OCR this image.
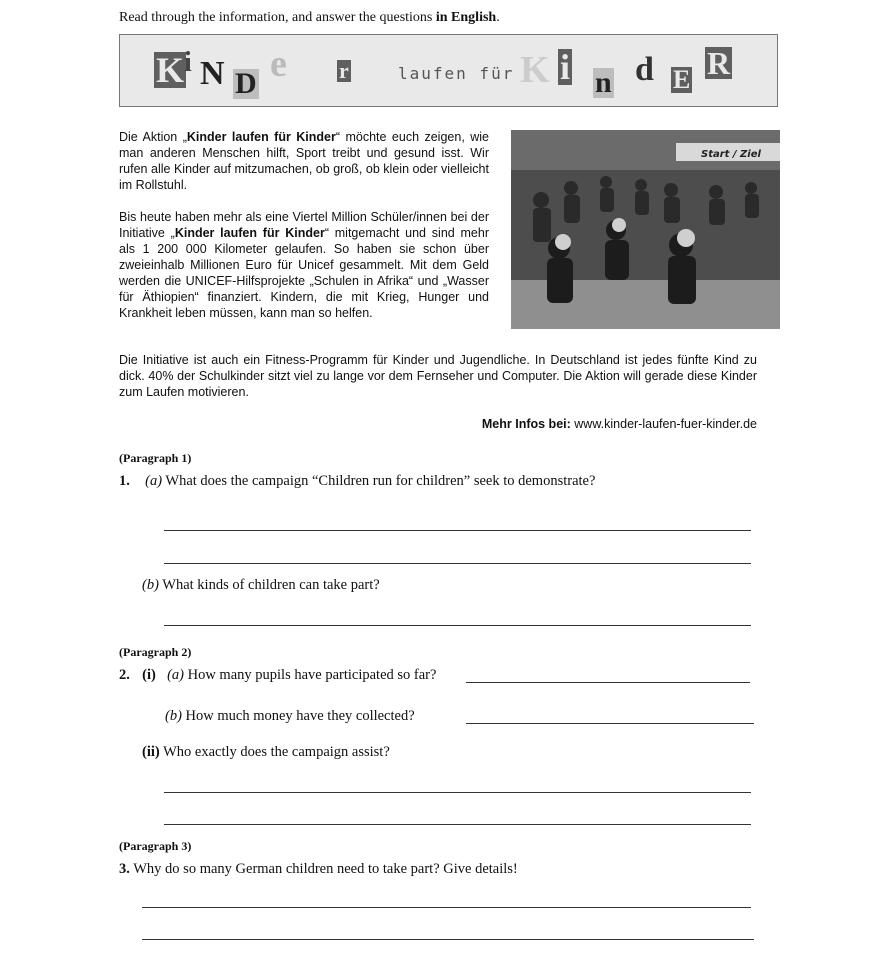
Read through the information, and answer the questions in English.
K i N D e r	laufen für K i n d E R
Die Aktion „Kinder laufen für Kinder“ möchte euch zeigen, wie man anderen Menschen hilft, Sport treibt und gesund isst. Wir rufen alle Kinder auf mitzumachen, ob groß, ob klein oder vielleicht im Rollstuhl.
Bis heute haben mehr als eine Viertel Million Schüler/innen bei der Initiative „Kinder laufen für Kinder“ mitgemacht und sind mehr als 1 200 000 Kilometer gelaufen. So haben sie schon über zweieinhalb Millionen Euro für Unicef gesammelt. Mit dem Geld werden die UNICEF-Hilfsprojekte „Schulen in Afrika“ und „Wasser für Äthiopien“ finanziert. Kindern, die mit Krieg, Hunger und Krankheit leben müssen, kann man so helfen.
Start / Ziel
Die Initiative ist auch ein Fitness-Programm für Kinder und Jugendliche. In Deutschland ist jedes fünfte Kind zu dick. 40% der Schulkinder sitzt viel zu lange vor dem Fernseher und Computer. Die Aktion will gerade diese Kinder zum Laufen motivieren.
Mehr Infos bei: www.kinder-laufen-fuer-kinder.de
(Paragraph 1)
1. (a) What does the campaign “Children run for children” seek to demonstrate?
(b) What kinds of children can take part?
(Paragraph 2)
2. (i) (a) How many pupils have participated so far?
(b) How much money have they collected?
(ii) Who exactly does the campaign assist?
(Paragraph 3)
3. Why do so many German children need to take part? Give details!
